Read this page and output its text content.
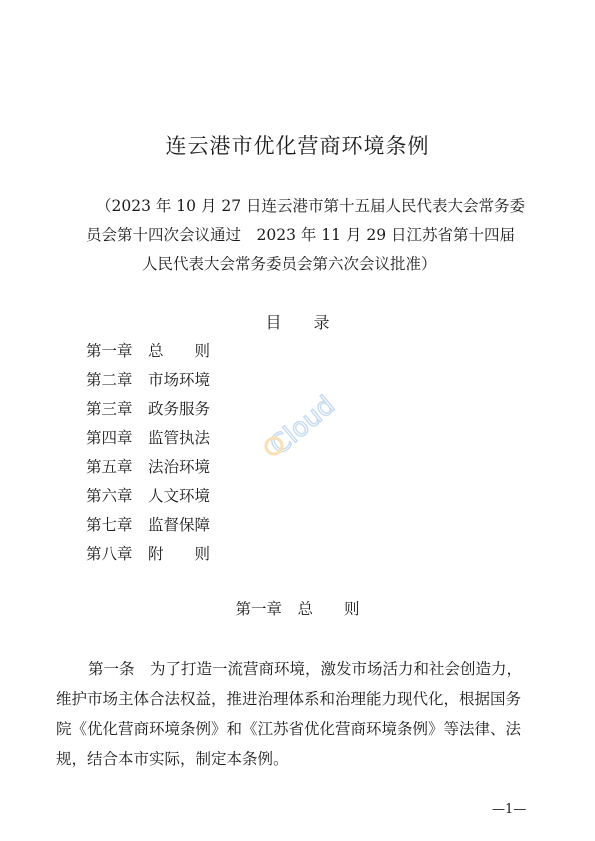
连云港市优化营商环境条例
（2023 年 10 月 27 日连云港市第十五届人民代表大会常务委
员会第十四次会议通过　2023 年 11 月 29 日江苏省第十四届
人民代表大会常务委员会第六次会议批准）
目　　录
第一章　总　　则
第二章　市场环境
第三章　政务服务
第四章　监管执法
第五章　法治环境
第六章　人文环境
第七章　监督保障
第八章　附　　则
Cloud
第一章　总　　则
第一条　为了打造一流营商环境，激发市场活力和社会创造力，
维护市场主体合法权益，推进治理体系和治理能力现代化，根据国务
院《优化营商环境条例》和《江苏省优化营商环境条例》等法律、法
规，结合本市实际，制定本条例。
—1—
